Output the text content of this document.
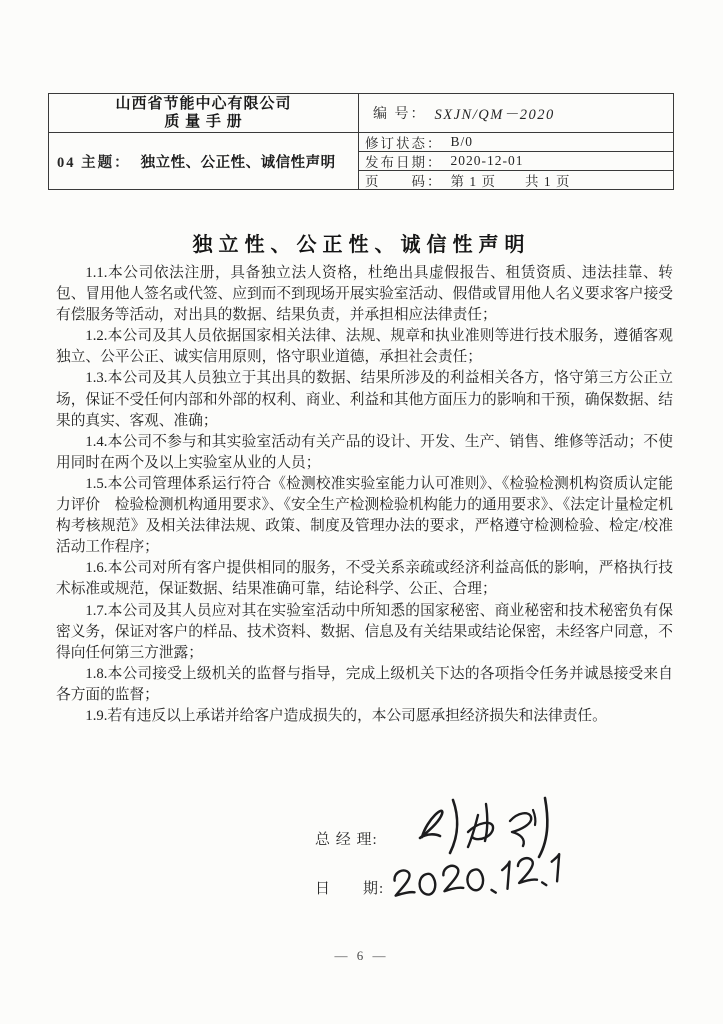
山西省节能中心有限公司
质 量 手 册
04 主题： 独立性、公正性、诚信性声明
编 号： SXJN/QM－2020
修订状态： B/0
发布日期： 2020-12-01
页　　码： 第 1 页　　共 1 页
独立性、公正性、诚信性声明

1.1.本公司依法注册，具备独立法人资格，杜绝出具虚假报告、租赁资质、违法挂靠、转包、冒用他人签名或代签、应到而不到现场开展实验室活动、假借或冒用他人名义要求客户接受有偿服务等活动，对出具的数据、结果负责，并承担相应法律责任；

1.2.本公司及其人员依据国家相关法律、法规、规章和执业准则等进行技术服务，遵循客观独立、公平公正、诚实信用原则，恪守职业道德，承担社会责任；

1.3.本公司及其人员独立于其出具的数据、结果所涉及的利益相关各方，恪守第三方公正立场，保证不受任何内部和外部的权利、商业、利益和其他方面压力的影响和干预，确保数据、结果的真实、客观、准确；

1.4.本公司不参与和其实验室活动有关产品的设计、开发、生产、销售、维修等活动；不使用同时在两个及以上实验室从业的人员；

1.5.本公司管理体系运行符合《检测校准实验室能力认可准则》、《检验检测机构资质认定能力评价　检验检测机构通用要求》、《安全生产检测检验机构能力的通用要求》、《法定计量检定机构考核规范》及相关法律法规、政策、制度及管理办法的要求，严格遵守检测检验、检定/校准活动工作程序；

1.6.本公司对所有客户提供相同的服务，不受关系亲疏或经济利益高低的影响，严格执行技术标准或规范，保证数据、结果准确可靠，结论科学、公正、合理；

1.7.本公司及其人员应对其在实验室活动中所知悉的国家秘密、商业秘密和技术秘密负有保密义务，保证对客户的样品、技术资料、数据、信息及有关结果或结论保密，未经客户同意，不得向任何第三方泄露；

1.8.本公司接受上级机关的监督与指导，完成上级机关下达的各项指令任务并诚恳接受来自各方面的监督；

1.9.若有违反以上承诺并给客户造成损失的，本公司愿承担经济损失和法律责任。

总 经 理:
日　　期:
— 6 —
